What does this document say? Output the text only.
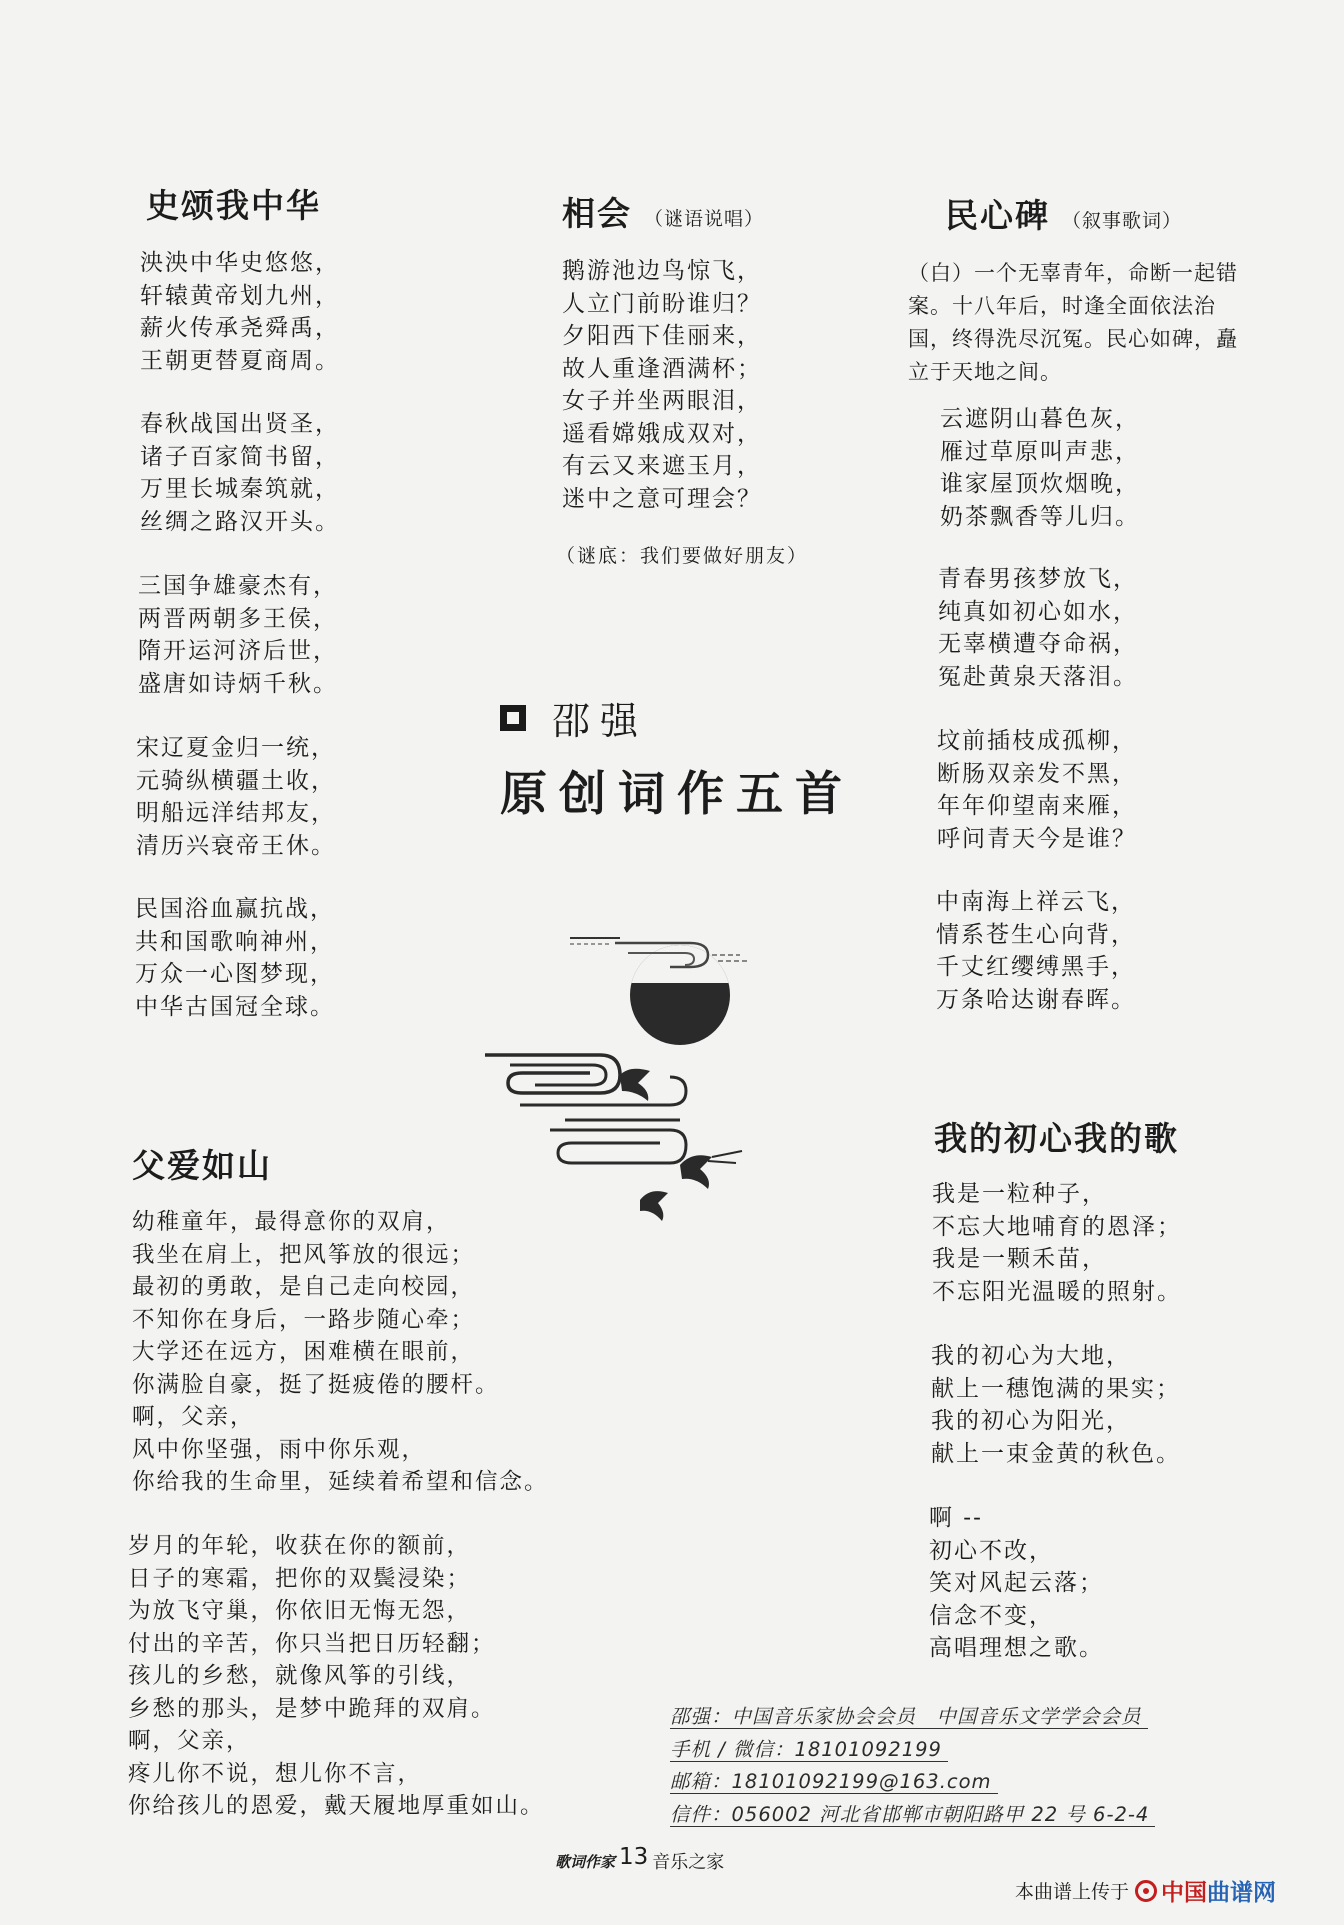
史颂我中华
泱泱中华史悠悠，
轩辕黄帝划九州，
薪火传承尧舜禹，
王朝更替夏商周。
春秋战国出贤圣，
诸子百家简书留，
万里长城秦筑就，
丝绸之路汉开头。
三国争雄豪杰有，
两晋两朝多王侯，
隋开运河济后世，
盛唐如诗炳千秋。
宋辽夏金归一统，
元骑纵横疆土收，
明船远洋结邦友，
清历兴衰帝王休。
民国浴血赢抗战，
共和国歌响神州，
万众一心图梦现，
中华古国冠全球。
相会 （谜语说唱）
鹅游池边鸟惊飞，
人立门前盼谁归？
夕阳西下佳丽来，
故人重逢酒满杯；
女子并坐两眼泪，
遥看嫦娥成双对，
有云又来遮玉月，
迷中之意可理会？
（谜底：我们要做好朋友）
民心碑 （叙事歌词）
（白）一个无辜青年，命断一起错案。十八年后，时逢全面依法治国，终得洗尽沉冤。民心如碑，矗立于天地之间。
云遮阴山暮色灰，
雁过草原叫声悲，
谁家屋顶炊烟晚，
奶茶飘香等儿归。
青春男孩梦放飞，
纯真如初心如水，
无辜横遭夺命祸，
冤赴黄泉天落泪。
坟前插枝成孤柳，
断肠双亲发不黑，
年年仰望南来雁，
呼问青天今是谁？
中南海上祥云飞，
情系苍生心向背，
千丈红缨缚黑手，
万条哈达谢春晖。
邵强
原创词作五首
父爱如山
幼稚童年，最得意你的双肩，
我坐在肩上，把风筝放的很远；
最初的勇敢，是自己走向校园，
不知你在身后，一路步随心牵；
大学还在远方，困难横在眼前，
你满脸自豪，挺了挺疲倦的腰杆。
啊，父亲，
风中你坚强，雨中你乐观，
你给我的生命里，延续着希望和信念。
岁月的年轮，收获在你的额前，
日子的寒霜，把你的双鬓浸染；
为放飞守巢，你依旧无悔无怨，
付出的辛苦，你只当把日历轻翻；
孩儿的乡愁，就像风筝的引线，
乡愁的那头，是梦中跪拜的双肩。
啊，父亲，
疼儿你不说，想儿你不言，
你给孩儿的恩爱，戴天履地厚重如山。
我的初心我的歌
我是一粒种子，
不忘大地哺育的恩泽；
我是一颗禾苗，
不忘阳光温暖的照射。
我的初心为大地，
献上一穗饱满的果实；
我的初心为阳光，
献上一束金黄的秋色。
啊 --
初心不改，
笑对风起云落；
信念不变，
高唱理想之歌。
邵强：中国音乐家协会会员　中国音乐文学学会会员
手机 / 微信：18101092199
邮箱：18101092199@163.com
信件：056002 河北省邯郸市朝阳路甲 22 号 6-2-4
歌词作家 13 音乐之家
本曲谱上传于 中国曲谱网
